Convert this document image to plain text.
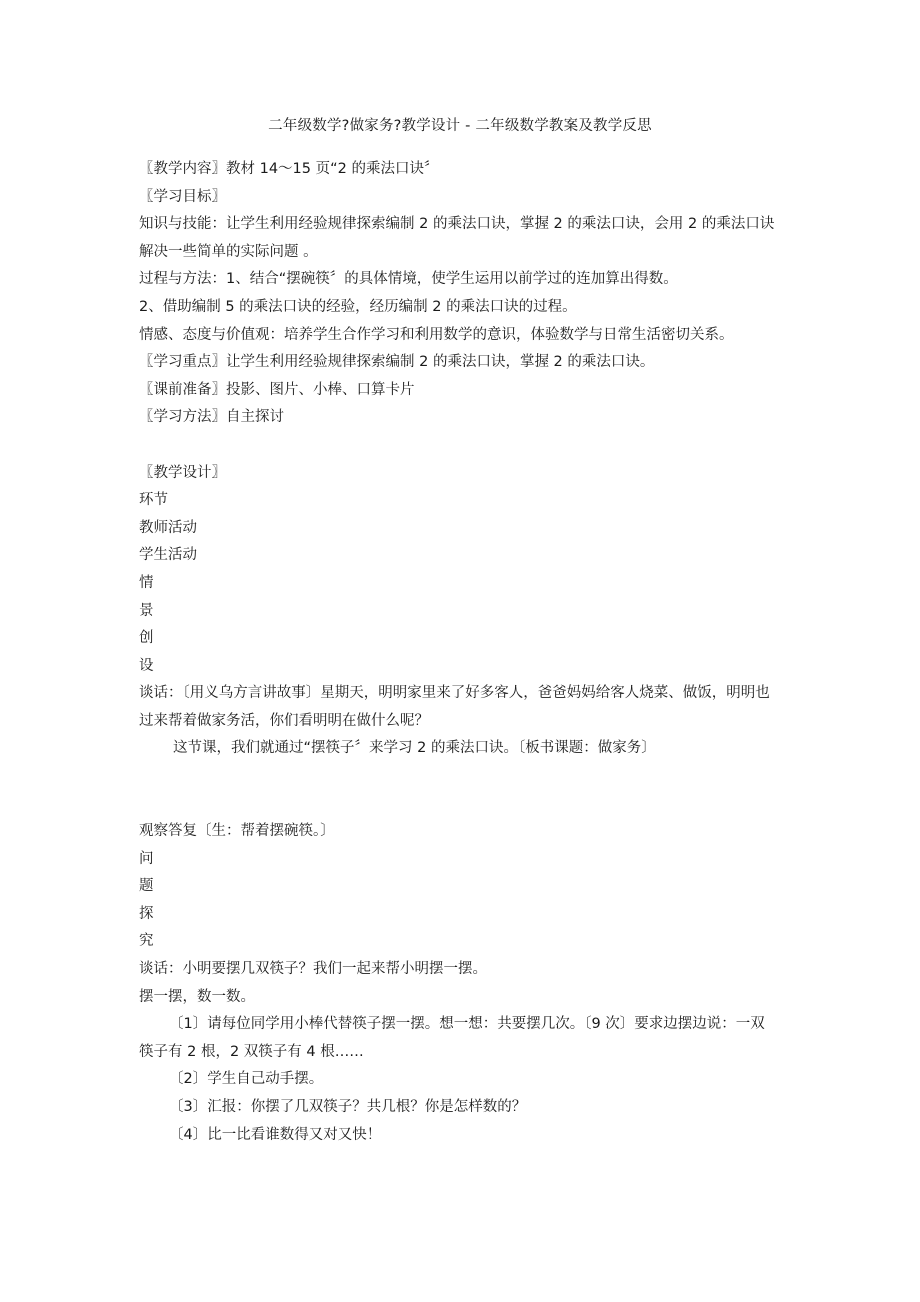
二年级数学?做家务?教学设计 - 二年级数学教案及教学反思

〖教学内容〗教材 14～15 页“2 的乘法口诀〞

〖学习目标〗

知识与技能：让学生利用经验规律探索编制 2 的乘法口诀，掌握 2 的乘法口诀，会用 2 的乘法口诀解决一些简单的实际问题 。

过程与方法：1、结合“摆碗筷〞的具体情境，使学生运用以前学过的连加算出得数。

2、借助编制 5 的乘法口诀的经验，经历编制 2 的乘法口诀的过程。

情感、态度与价值观：培养学生合作学习和利用数学的意识，体验数学与日常生活密切关系。

〖学习重点〗让学生利用经验规律探索编制 2 的乘法口诀，掌握 2 的乘法口诀。

〖课前准备〗投影、图片、小棒、口算卡片

〖学习方法〗自主探讨

〖教学设计〗

环节

教师活动

学生活动

情

景

创

设

谈话：〔用义乌方言讲故事〕星期天，明明家里来了好多客人，爸爸妈妈给客人烧菜、做饭，明明也过来帮着做家务活，你们看明明在做什么呢？

这节课，我们就通过“摆筷子〞来学习 2 的乘法口诀。〔板书课题：做家务〕

观察答复〔生：帮着摆碗筷。〕

问

题

探

究

谈话：小明要摆几双筷子？我们一起来帮小明摆一摆。

摆一摆，数一数。

〔1〕请每位同学用小棒代替筷子摆一摆。想一想：共要摆几次。〔9 次〕要求边摆边说：一双筷子有 2 根，2 双筷子有 4 根……

〔2〕学生自己动手摆。

〔3〕汇报：你摆了几双筷子？共几根？你是怎样数的？

〔4〕比一比看谁数得又对又快！
